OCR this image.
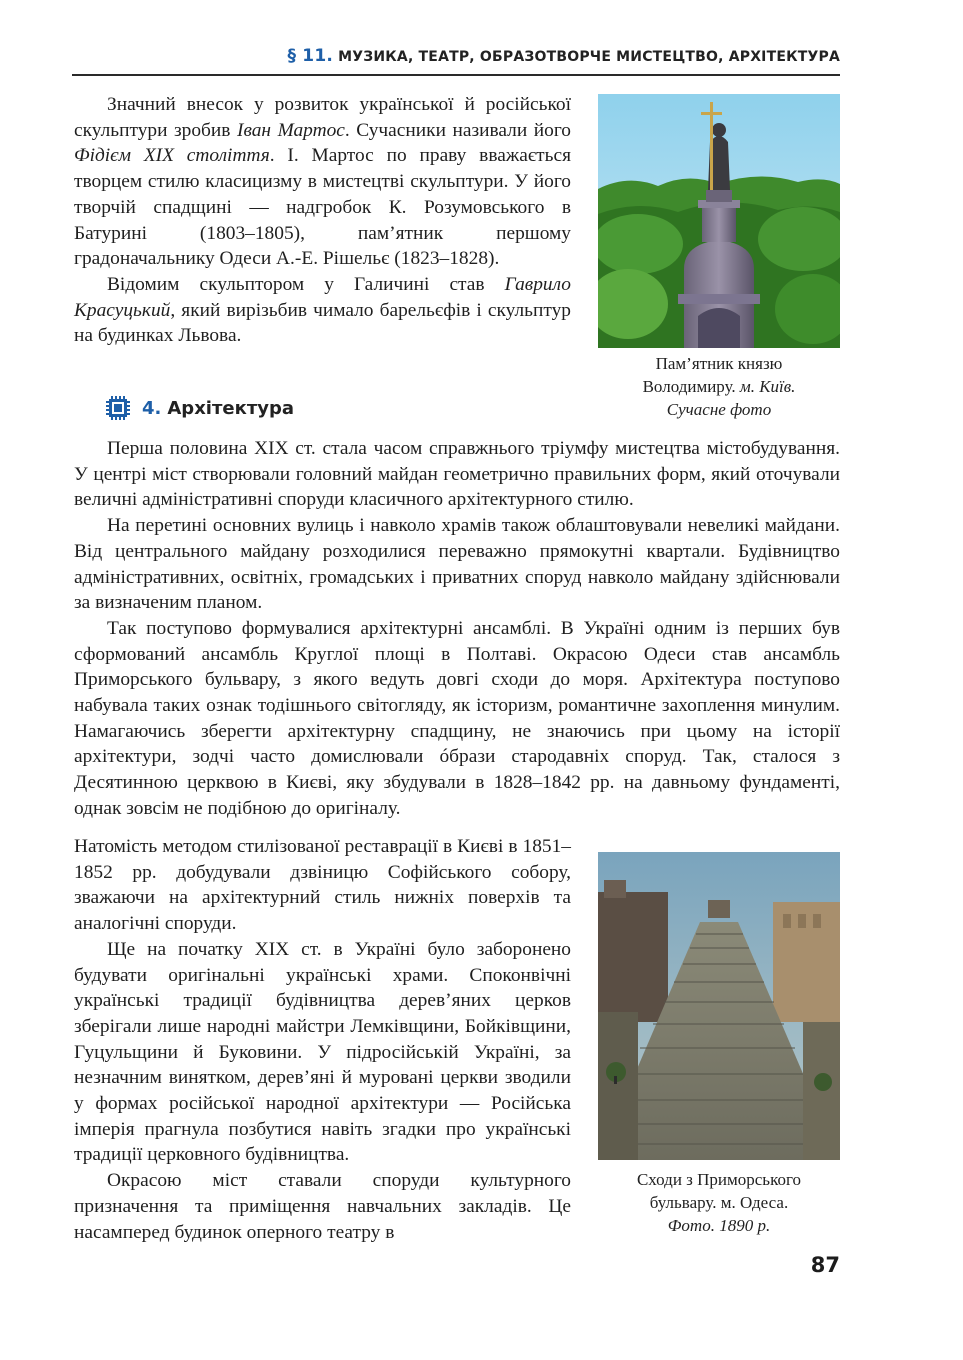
§ 11. МУЗИКА, ТЕАТР, ОБРАЗОТВОРЧЕ МИСТЕЦТВО, АРХІТЕКТУРА

Значний внесок у розвиток української й російської скульптури зробив Іван Мартос. Сучасники називали його Фідієм ХІХ століття. І. Мартос по праву вважається творцем стилю класицизму в мистецтві скульптури. У його творчій спадщині — надгробок К. Розумовського в Батурині (1803–1805), пам’ятник першому градоначальнику Одеси А.-Е. Рішельє (1823–1828).

Відомим скульптором у Галичині став Гаврило Красуцький, який вирізьбив чимало барельєфів і скульптур на будинках Львова.

Пам’ятник князю
Володимиру. м. Київ.
Сучасне фото
4. Архітектура

Перша половина ХІХ ст. стала часом справжнього тріумфу мистецтва містобудування. У центрі міст створювали головний майдан геометрично правильних форм, який оточували величні адміністративні споруди класичного архітектурного стилю.

На перетині основних вулиць і навколо храмів також облаштовували невеликі майдани. Від центрального майдану розходилися переважно прямокутні квартали. Будівництво адміністративних, освітніх, громадських і приватних споруд навколо майдану здійснювали за визначеним планом.

Так поступово формувалися архітектурні ансамблі. В Україні одним із перших був сформований ансамбль Круглої площі в Полтаві. Окрасою Одеси став ансамбль Приморського бульвару, з якого ведуть довгі сходи до моря. Архітектура поступово набувала таких ознак тодішнього світогляду, як історизм, романтичне захоплення минулим. Намагаючись зберегти архітектурну спадщину, не знаючись при цьому на історії архітектури, зодчі часто домислювали óбрази стародавніх споруд. Так, сталося з Десятинною церквою в Києві, яку збудували в 1828–1842 рр. на давньому фундаменті, однак зовсім не подібною до оригіналу.

Натомість методом стилізованої реставрації в Києві в 1851–1852 рр. добудували дзвіницю Софійського собору, зважаючи на архітектурний стиль нижніх поверхів та аналогічні споруди.

Ще на початку ХІХ ст. в Україні було заборонено будувати оригінальні українські храми. Споконвічні українські традиції будівництва дерев’яних церков зберігали лише народні майстри Лемківщини, Бойківщини, Гуцульщини й Буковини. У підросійській Україні, за незначним винятком, дерев’яні й муровані церкви зводили у формах російської народної архітектури — Російська імперія прагнула позбутися навіть згадки про українські традиції церковного будівництва.

Окрасою міст ставали споруди культурного призначення та приміщення навчальних закладів. Це насамперед будинок оперного театру в

Сходи з Приморського
бульвару. м. Одеса.
Фото. 1890 р.
87
